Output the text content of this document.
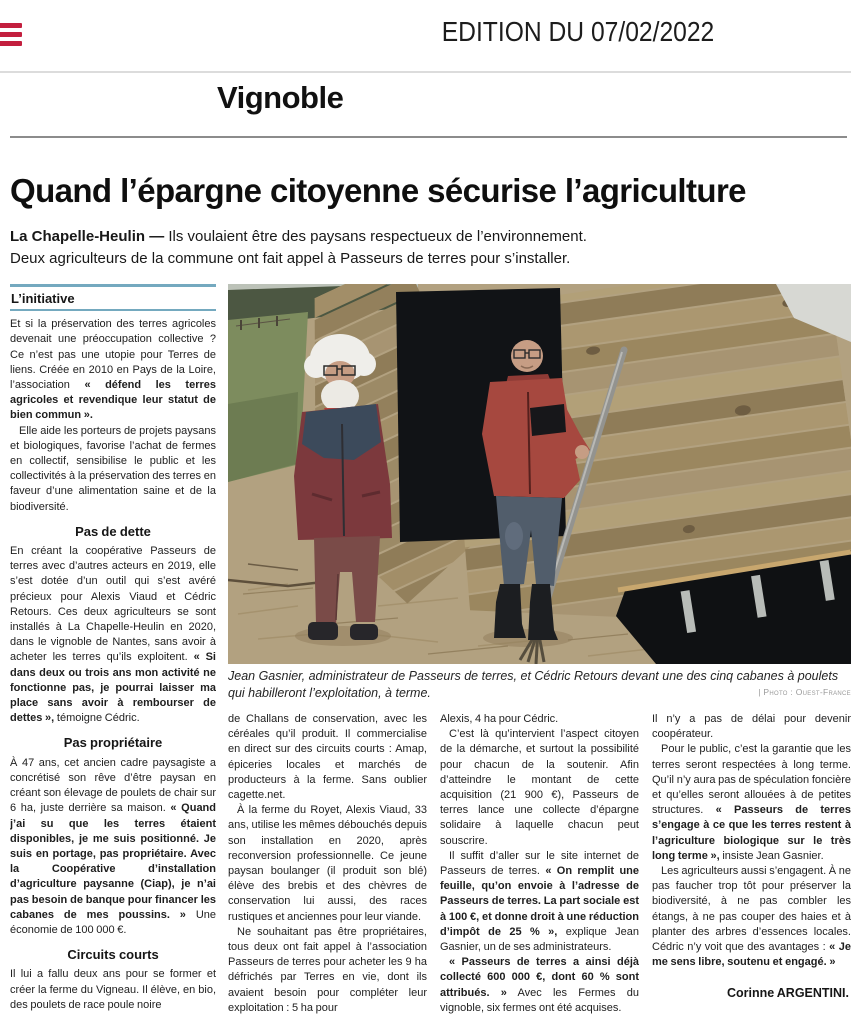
EDITION DU 07/02/2022
Vignoble
Quand l’épargne citoyenne sécurise l’agriculture
La Chapelle-Heulin — Ils voulaient être des paysans respectueux de l’environnement.
Deux agriculteurs de la commune ont fait appel à Passeurs de terres pour s’installer.
L’initiative

Et si la préservation des terres agricoles devenait une préoccupation collective ? Ce n’est pas une utopie pour Terres de liens. Créée en 2010 en Pays de la Loire, l’association « défend les terres agricoles et revendique leur statut de bien commun ».

Elle aide les porteurs de projets paysans et biologiques, favorise l’achat de fermes en collectif, sensibilise le public et les collectivités à la préservation des terres en faveur d’une alimentation saine et de la biodiversité.

Pas de dette

En créant la coopérative Passeurs de terres avec d’autres acteurs en 2019, elle s’est dotée d’un outil qui s’est avéré précieux pour Alexis Viaud et Cédric Retours. Ces deux agriculteurs se sont installés à La Chapelle-Heulin en 2020, dans le vignoble de Nantes, sans avoir à acheter les terres qu’ils exploitent. « Si dans deux ou trois ans mon activité ne fonctionne pas, je pourrai laisser ma place sans avoir à rembourser de dettes », témoigne Cédric.

Pas propriétaire

À 47 ans, cet ancien cadre paysagiste a concrétisé son rêve d’être paysan en créant son élevage de poulets de chair sur 6 ha, juste derrière sa maison. « Quand j’ai su que les terres étaient disponibles, je me suis positionné. Je suis en portage, pas propriétaire. Avec la Coopérative d’installation d’agriculture paysanne (Ciap), je n’ai pas besoin de banque pour financer les cabanes de mes poussins. » Une économie de 100 000 €.

Circuits courts

Il lui a fallu deux ans pour se former et créer la ferme du Vigneau. Il élève, en bio, des poulets de race poule noire

Jean Gasnier, administrateur de Passeurs de terres, et Cédric Retours devant une des cinq cabanes à poulets qui habilleront l’exploitation, à terme.	| Photo : Ouest-France

de Challans de conservation, avec les céréales qu’il produit. Il commercialise en direct sur des circuits courts : Amap, épiceries locales et marchés de producteurs à la ferme. Sans oublier cagette.net.

À la ferme du Royet, Alexis Viaud, 33 ans, utilise les mêmes débouchés depuis son installation en 2020, après reconversion professionnelle. Ce jeune paysan boulanger (il produit son blé) élève des brebis et des chèvres de conservation lui aussi, des races rustiques et anciennes pour leur viande.

Ne souhaitant pas être propriétaires, tous deux ont fait appel à l’association Passeurs de terres pour acheter les 9 ha défrichés par Terres en vie, dont ils avaient besoin pour compléter leur exploitation : 5 ha pour

Alexis, 4 ha pour Cédric.

C’est là qu’intervient l’aspect citoyen de la démarche, et surtout la possibilité pour chacun de la soutenir. Afin d’atteindre le montant de cette acquisition (21 900 €), Passeurs de terres lance une collecte d’épargne solidaire à laquelle chacun peut souscrire.

Il suffit d’aller sur le site internet de Passeurs de terres. « On remplit une feuille, qu’on envoie à l’adresse de Passeurs de terres. La part sociale est à 100 €, et donne droit à une réduction d’impôt de 25 % », explique Jean Gasnier, un de ses administrateurs.

« Passeurs de terres a ainsi déjà collecté 600 000 €, dont 60 % sont attribués. » Avec les Fermes du vignoble, six fermes ont été acquises.

Il n’y a pas de délai pour devenir coopérateur.

Pour le public, c’est la garantie que les terres seront respectées à long terme. Qu’il n’y aura pas de spéculation foncière et qu’elles seront allouées à de petites structures. « Passeurs de terres s’engage à ce que les terres restent à l’agriculture biologique sur le très long terme », insiste Jean Gasnier.

Les agriculteurs aussi s’engagent. À ne pas faucher trop tôt pour préserver la biodiversité, à ne pas combler les étangs, à ne pas couper des haies et à planter des arbres d’essences locales. Cédric n’y voit que des avantages : « Je me sens libre, soutenu et engagé. »

Corinne ARGENTINI.
